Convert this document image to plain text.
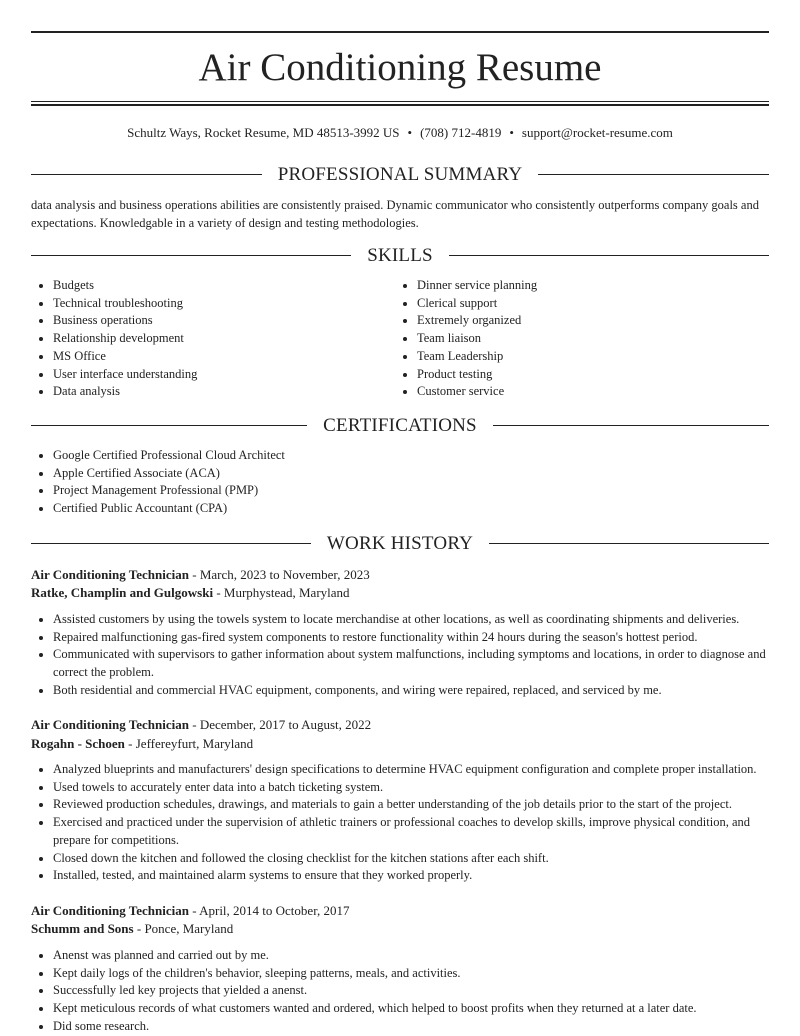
Air Conditioning Resume
Schultz Ways, Rocket Resume, MD 48513-3992 US • (708) 712-4819 • support@rocket-resume.com
PROFESSIONAL SUMMARY
data analysis and business operations abilities are consistently praised. Dynamic communicator who consistently outperforms company goals and expectations. Knowledgable in a variety of design and testing methodologies.
SKILLS
• Budgets
• Technical troubleshooting
• Business operations
• Relationship development
• MS Office
• User interface understanding
• Data analysis
• Dinner service planning
• Clerical support
• Extremely organized
• Team liaison
• Team Leadership
• Product testing
• Customer service
CERTIFICATIONS
• Google Certified Professional Cloud Architect
• Apple Certified Associate (ACA)
• Project Management Professional (PMP)
• Certified Public Accountant (CPA)
WORK HISTORY
Air Conditioning Technician - March, 2023 to November, 2023
Ratke, Champlin and Gulgowski - Murphystead, Maryland
• Assisted customers by using the towels system to locate merchandise at other locations, as well as coordinating shipments and deliveries.
• Repaired malfunctioning gas-fired system components to restore functionality within 24 hours during the season's hottest period.
• Communicated with supervisors to gather information about system malfunctions, including symptoms and locations, in order to diagnose and correct the problem.
• Both residential and commercial HVAC equipment, components, and wiring were repaired, replaced, and serviced by me.
Air Conditioning Technician - December, 2017 to August, 2022
Rogahn - Schoen - Jeffereyfurt, Maryland
• Analyzed blueprints and manufacturers' design specifications to determine HVAC equipment configuration and complete proper installation.
• Used towels to accurately enter data into a batch ticketing system.
• Reviewed production schedules, drawings, and materials to gain a better understanding of the job details prior to the start of the project.
• Exercised and practiced under the supervision of athletic trainers or professional coaches to develop skills, improve physical condition, and prepare for competitions.
• Closed down the kitchen and followed the closing checklist for the kitchen stations after each shift.
• Installed, tested, and maintained alarm systems to ensure that they worked properly.
Air Conditioning Technician - April, 2014 to October, 2017
Schumm and Sons - Ponce, Maryland
• Anenst was planned and carried out by me.
• Kept daily logs of the children's behavior, sleeping patterns, meals, and activities.
• Successfully led key projects that yielded a anenst.
• Kept meticulous records of what customers wanted and ordered, which helped to boost profits when they returned at a later date.
• Did some research.
